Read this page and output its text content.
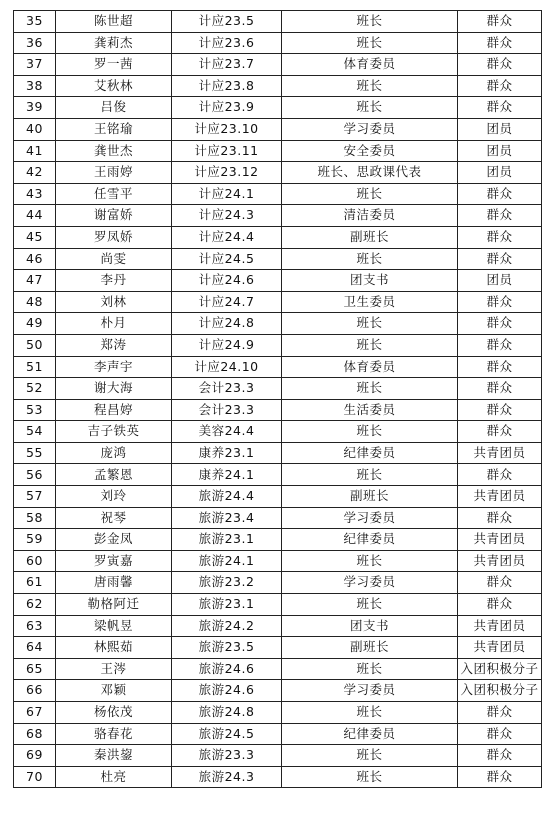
35	陈世超	计应23.5	班长	群众
36	龚莉杰	计应23.6	班长	群众
37	罗一茜	计应23.7	体育委员	群众
38	艾秋林	计应23.8	班长	群众
39	吕俊	计应23.9	班长	群众
40	王铭瑜	计应23.10	学习委员	团员
41	龚世杰	计应23.11	安全委员	团员
42	王雨婷	计应23.12	班长、思政课代表	团员
43	任雪平	计应24.1	班长	群众
44	谢富娇	计应24.3	清洁委员	群众
45	罗凤娇	计应24.4	副班长	群众
46	尚雯	计应24.5	班长	群众
47	李丹	计应24.6	团支书	团员
48	刘林	计应24.7	卫生委员	群众
49	朴月	计应24.8	班长	群众
50	郑涛	计应24.9	班长	群众
51	李声宇	计应24.10	体育委员	群众
52	谢大海	会计23.3	班长	群众
53	程昌婷	会计23.3	生活委员	群众
54	吉子铁英	美容24.4	班长	群众
55	庞鸿	康养23.1	纪律委员	共青团员
56	孟繁恩	康养24.1	班长	群众
57	刘玲	旅游24.4	副班长	共青团员
58	祝琴	旅游23.4	学习委员	群众
59	彭金凤	旅游23.1	纪律委员	共青团员
60	罗寅嘉	旅游24.1	班长	共青团员
61	唐雨馨	旅游23.2	学习委员	群众
62	勒格阿迁	旅游23.1	班长	群众
63	梁帆昱	旅游24.2	团支书	共青团员
64	林熙茹	旅游23.5	副班长	共青团员
65	王涔	旅游24.6	班长	入团积极分子
66	邓颖	旅游24.6	学习委员	入团积极分子
67	杨依茂	旅游24.8	班长	群众
68	骆春花	旅游24.5	纪律委员	群众
69	秦洪鋆	旅游23.3	班长	群众
70	杜亮	旅游24.3	班长	群众
